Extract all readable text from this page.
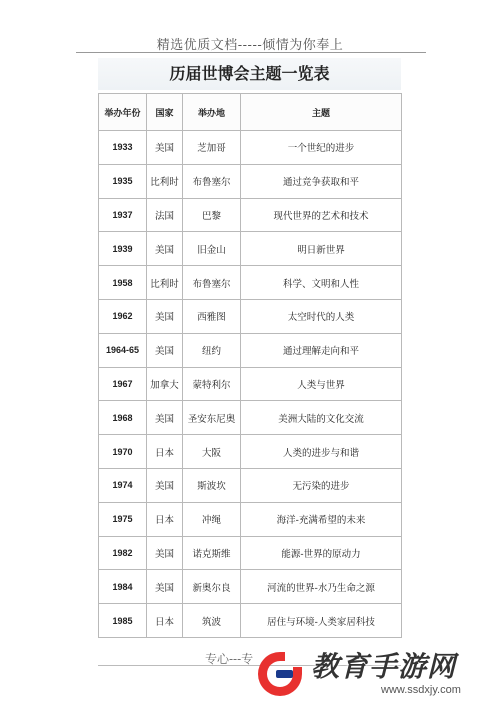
精选优质文档-----倾情为你奉上
历届世博会主题一览表
举办年份	国家	举办地	主题
1933	美国	芝加哥	一个世纪的进步
1935	比利时	布鲁塞尔	通过竞争获取和平
1937	法国	巴黎	现代世界的艺术和技术
1939	美国	旧金山	明日新世界
1958	比利时	布鲁塞尔	科学、文明和人性
1962	美国	西雅图	太空时代的人类
1964-65	美国	纽约	通过理解走向和平
1967	加拿大	蒙特利尔	人类与世界
1968	美国	圣安东尼奥	美洲大陆的文化交流
1970	日本	大阪	人类的进步与和谐
1974	美国	斯波坎	无污染的进步
1975	日本	冲绳	海洋-充满希望的未来
1982	美国	诺克斯维	能源-世界的原动力
1984	美国	新奥尔良	河流的世界-水乃生命之源
1985	日本	筑波	居住与环境-人类家居科技
专心---专 教育手游网
www.ssdxjy.com
